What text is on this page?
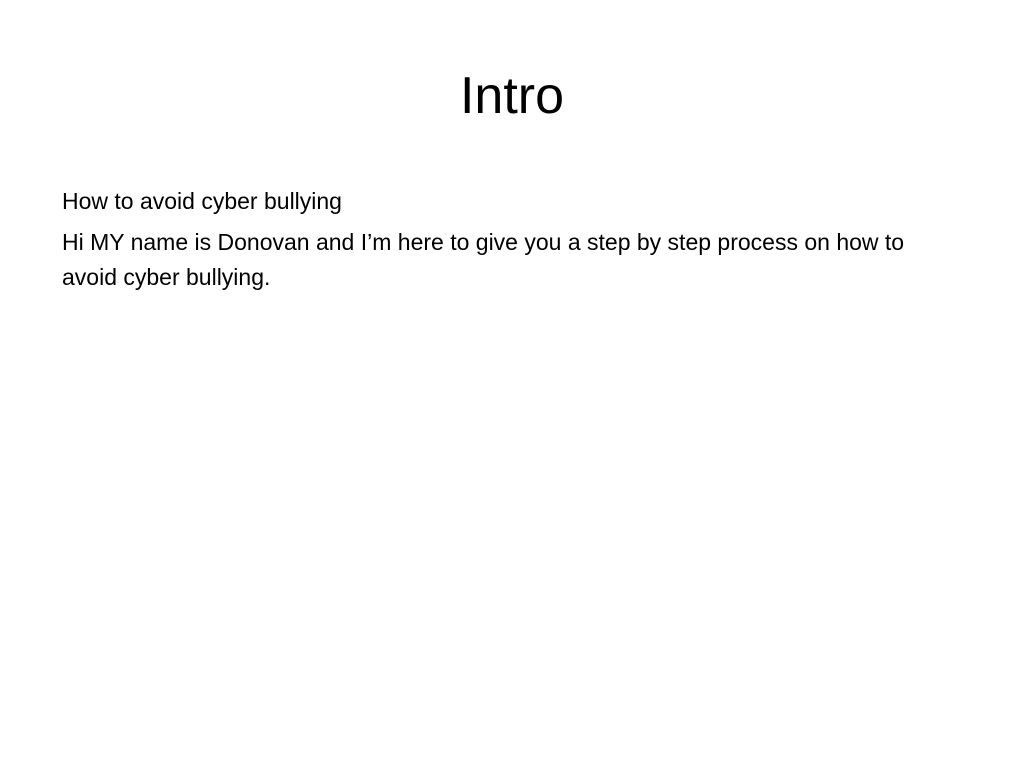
Intro

How to avoid cyber bullying

Hi MY name is Donovan and I’m here to give you a step by step process on how to avoid cyber bullying.
